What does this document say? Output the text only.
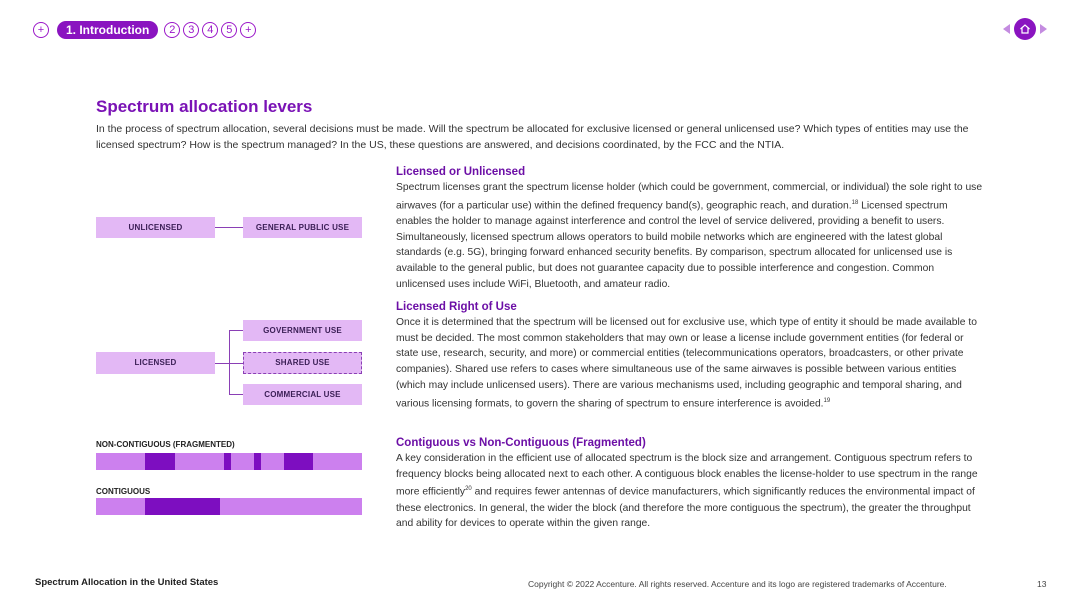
+	1. Introduction	2	3	4	5	+
Spectrum allocation levers

In the process of spectrum allocation, several decisions must be made. Will the spectrum be allocated for exclusive licensed or general unlicensed use? Which types of entities may use the licensed spectrum? How is the spectrum managed? In the US, these questions are answered, and decisions coordinated, by the FCC and the NTIA.

UNLICENSED	GENERAL PUBLIC USE
LICENSED
GOVERNMENT USE
SHARED USE
COMMERCIAL USE
NON-CONTIGUOUS (FRAGMENTED)
CONTIGUOUS
Licensed or Unlicensed

Spectrum licenses grant the spectrum license holder (which could be government, commercial, or individual) the sole right to use airwaves (for a particular use) within the defined frequency band(s), geographic reach, and duration.$^{18}$ Licensed spectrum enables the holder to manage against interference and control the level of service delivered, providing a benefit to users. Simultaneously, licensed spectrum allows operators to build mobile networks which are engineered with the latest global standards (e.g. 5G), bringing forward enhanced security benefits. By comparison, spectrum allocated for unlicensed use is available to the general public, but does not guarantee capacity due to possible interference and congestion. Common unlicensed uses include WiFi, Bluetooth, and amateur radio.

Licensed Right of Use

Once it is determined that the spectrum will be licensed out for exclusive use, which type of entity it should be made available to must be decided. The most common stakeholders that may own or lease a license include government entities (for federal or state use, research, security, and more) or commercial entities (telecommunications operators, broadcasters, or other private companies). Shared use refers to cases where simultaneous use of the same airwaves is possible between various entities (which may include unlicensed users). There are various mechanisms used, including geographic and temporal sharing, and various licensing formats, to govern the sharing of spectrum to ensure interference is avoided.$^{19}$

Contiguous vs Non-Contiguous (Fragmented)

A key consideration in the efficient use of allocated spectrum is the block size and arrangement. Contiguous spectrum refers to frequency blocks being allocated next to each other. A contiguous block enables the license-holder to use spectrum in the range more efficiently$^{20}$ and requires fewer antennas of device manufacturers, which significantly reduces the environmental impact of these electronics. In general, the wider the block (and therefore the more contiguous the spectrum), the greater the throughput and ability for devices to operate within the given range.

Spectrum Allocation in the United States	Copyright © 2022 Accenture. All rights reserved. Accenture and its logo are registered trademarks of Accenture.	13
